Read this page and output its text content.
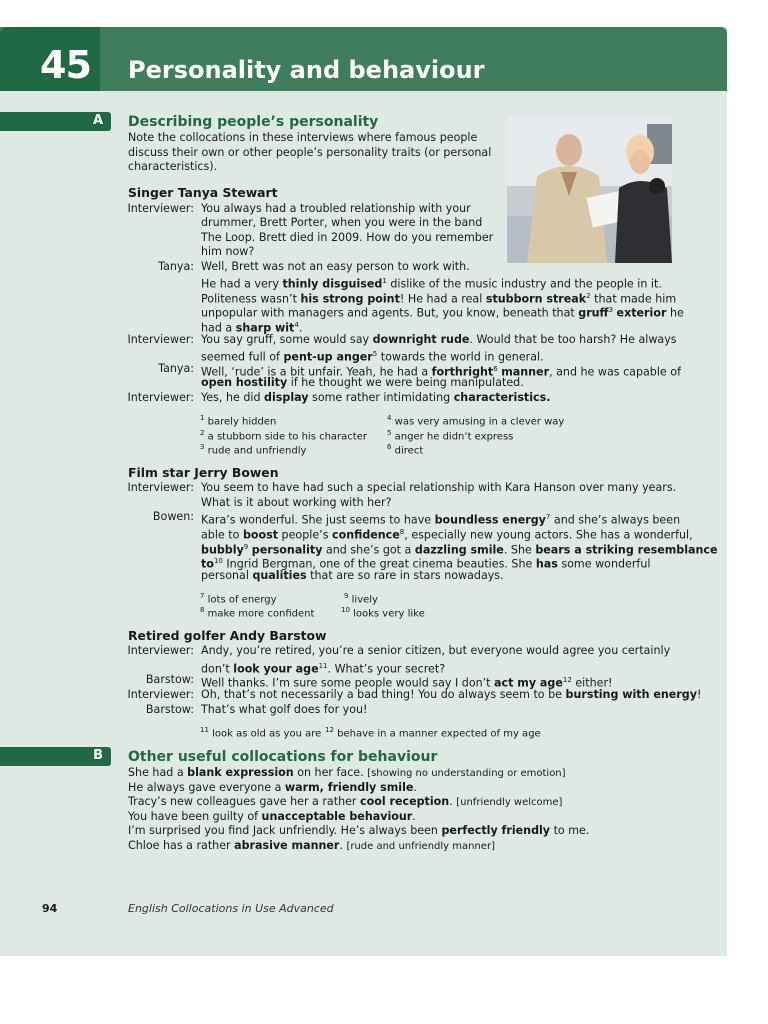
45 Personality and behaviour
A Describing people’s personality
Note the collocations in these interviews where famous people
discuss their own or other people’s personality traits (or personal
characteristics).
Singer Tanya Stewart
Interviewer: You always had a troubled relationship with your
drummer, Brett Porter, when you were in the band
The Loop. Brett died in 2009. How do you remember
him now?
Tanya: Well, Brett was not an easy person to work with.
He had a very thinly disguised$^1$ dislike of the music industry and the people in it.
Politeness wasn’t his strong point! He had a real stubborn streak$^2$ that made him
unpopular with managers and agents. But, you know, beneath that gruff$^3$ exterior he
had a sharp wit$^4$.
Interviewer: You say gruff, some would say downright rude. Would that be too harsh? He always
seemed full of pent-up anger$^5$ towards the world in general.
Tanya: Well, ‘rude’ is a bit unfair. Yeah, he had a forthright$^6$ manner, and he was capable of
open hostility if he thought we were being manipulated.
Interviewer: Yes, he did display some rather intimidating characteristics.
$^1$ barely hidden
$^2$ a stubborn side to his character
$^3$ rude and unfriendly
$^4$ was very amusing in a clever way
$^5$ anger he didn’t express
$^6$ direct
Film star Jerry Bowen
Interviewer: You seem to have had such a special relationship with Kara Hanson over many years.
What is it about working with her?
Bowen: Kara’s wonderful. She just seems to have boundless energy$^7$ and she’s always been
able to boost people’s confidence$^8$, especially new young actors. She has a wonderful,
bubbly$^9$ personality and she’s got a dazzling smile. She bears a striking resemblance
$to^{10}$ Ingrid Bergman, one of the great cinema beauties. She has some wonderful
personal qualities that are so rare in stars nowadays.
$^7$ lots of energy
$^8$ make more confident
$^9$ lively
$^{10}$ looks very like
Retired golfer Andy Barstow
Interviewer: Andy, you’re retired, you’re a senior citizen, but everyone would agree you certainly
don’t look your age$^{11}$. What’s your secret?
Barstow: Well thanks. I’m sure some people would say I don’t act my age$^{12}$ either!
Interviewer: Oh, that’s not necessarily a bad thing! You do always seem to be bursting with energy!
Barstow: That’s what golf does for you!
$^{11}$ look as old as you are $^{12}$ behave in a manner expected of my age
B Other useful collocations for behaviour
She had a blank expression on her face. [showing no understanding or emotion]
He always gave everyone a warm, friendly smile.
Tracy’s new colleagues gave her a rather cool reception. [unfriendly welcome]
You have been guilty of unacceptable behaviour.
I’m surprised you find Jack unfriendly. He’s always been perfectly friendly to me.
Chloe has a rather abrasive manner. [rude and unfriendly manner]
94	English Collocations in Use Advanced
